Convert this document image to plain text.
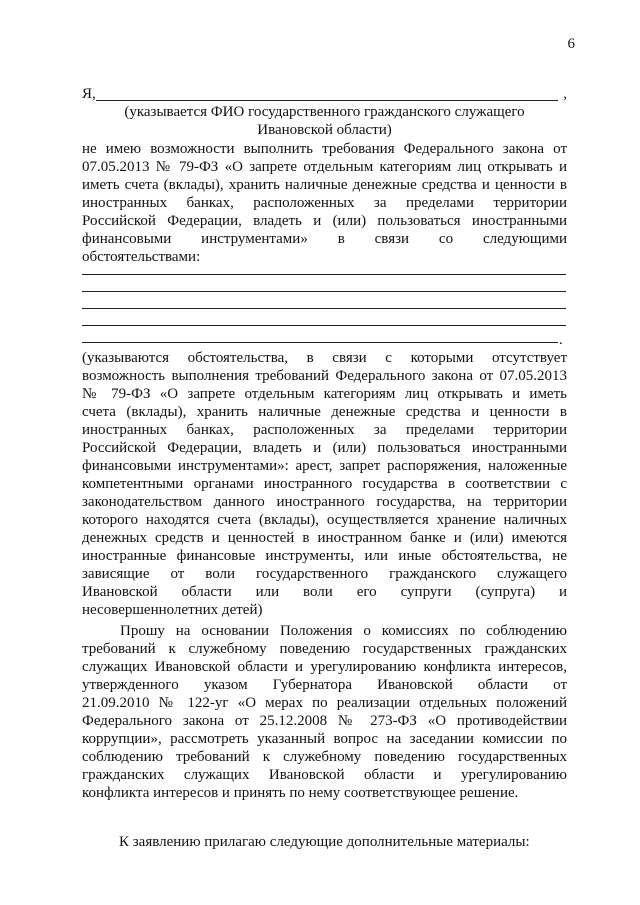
6
Я,	,
(указывается ФИО государственного гражданского служащего
Ивановской области)
не имею возможности выполнить требования Федерального закона от
07.05.2013 № 79-ФЗ «О запрете отдельным категориям лиц открывать и
иметь счета (вклады), хранить наличные денежные средства и ценности в
иностранных банках, расположенных за пределами территории
Российской Федерации, владеть и (или) пользоваться иностранными
финансовыми инструментами» в связи со следующими
обстоятельствами:
.
(указываются обстоятельства, в связи с которыми отсутствует
возможность выполнения требований Федерального закона от 07.05.2013
№ 79-ФЗ «О запрете отдельным категориям лиц открывать и иметь
счета (вклады), хранить наличные денежные средства и ценности в
иностранных банках, расположенных за пределами территории
Российской Федерации, владеть и (или) пользоваться иностранными
финансовыми инструментами»: арест, запрет распоряжения, наложенные
компетентными органами иностранного государства в соответствии с
законодательством данного иностранного государства, на территории
которого находятся счета (вклады), осуществляется хранение наличных
денежных средств и ценностей в иностранном банке и (или) имеются
иностранные финансовые инструменты, или иные обстоятельства, не
зависящие от воли государственного гражданского служащего
Ивановской области или воли его супруги (супруга) и
несовершеннолетних детей)
Прошу на основании Положения о комиссиях по соблюдению
требований к служебному поведению государственных гражданских
служащих Ивановской области и урегулированию конфликта интересов,
утвержденного указом Губернатора Ивановской области от
21.09.2010 № 122-уг «О мерах по реализации отдельных положений
Федерального закона от 25.12.2008 № 273-ФЗ «О противодействии
коррупции», рассмотреть указанный вопрос на заседании комиссии по
соблюдению требований к служебному поведению государственных
гражданских служащих Ивановской области и урегулированию
конфликта интересов и принять по нему соответствующее решение.
К заявлению прилагаю следующие дополнительные материалы:
